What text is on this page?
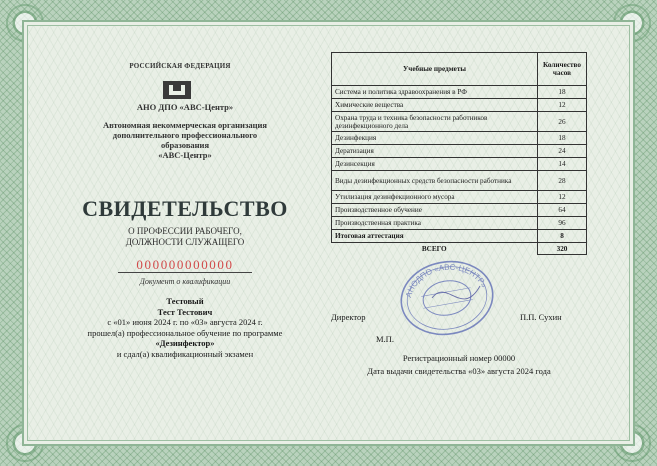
РОССИЙСКАЯ ФЕДЕРАЦИЯ
АНО ДПО «АВС-Центр»
Автономная некоммерческая организация
дополнительного профессионального образования
«АВС-Центр»
СВИДЕТЕЛЬСТВО
О ПРОФЕССИИ РАБОЧЕГО,
ДОЛЖНОСТИ СЛУЖАЩЕГО
000000000000
Документ о квалификации
Тестовый
Тест Тестович
с «01» июня 2024 г. по «03» августа 2024 г.
прошел(а) профессиональное обучение по программе
«Дезинфектор»
и сдал(а) квалификационный экзамен
Учебные предметы	Количество часов
Система и политика здравоохранения в РФ	18
Химические вещества	12
Охрана труда и техника безопасности работников дезинфекционного дела	26
Дезинфекция	18
Дератизация	24
Дезинсекция	14
Виды дезинфекционных средств безопасности работника	28
Утилизация дезинфекционного мусора	12
Производственное обучение	64
Производственная практика	96
Итоговая аттестация	8
ВСЕГО	320
АНОДПО «АВС-ЦЕНТР»
Директор	П.П. Сухин
М.П.
Регистрационный номер 00000
Дата выдачи свидетельства «03» августа 2024 года
